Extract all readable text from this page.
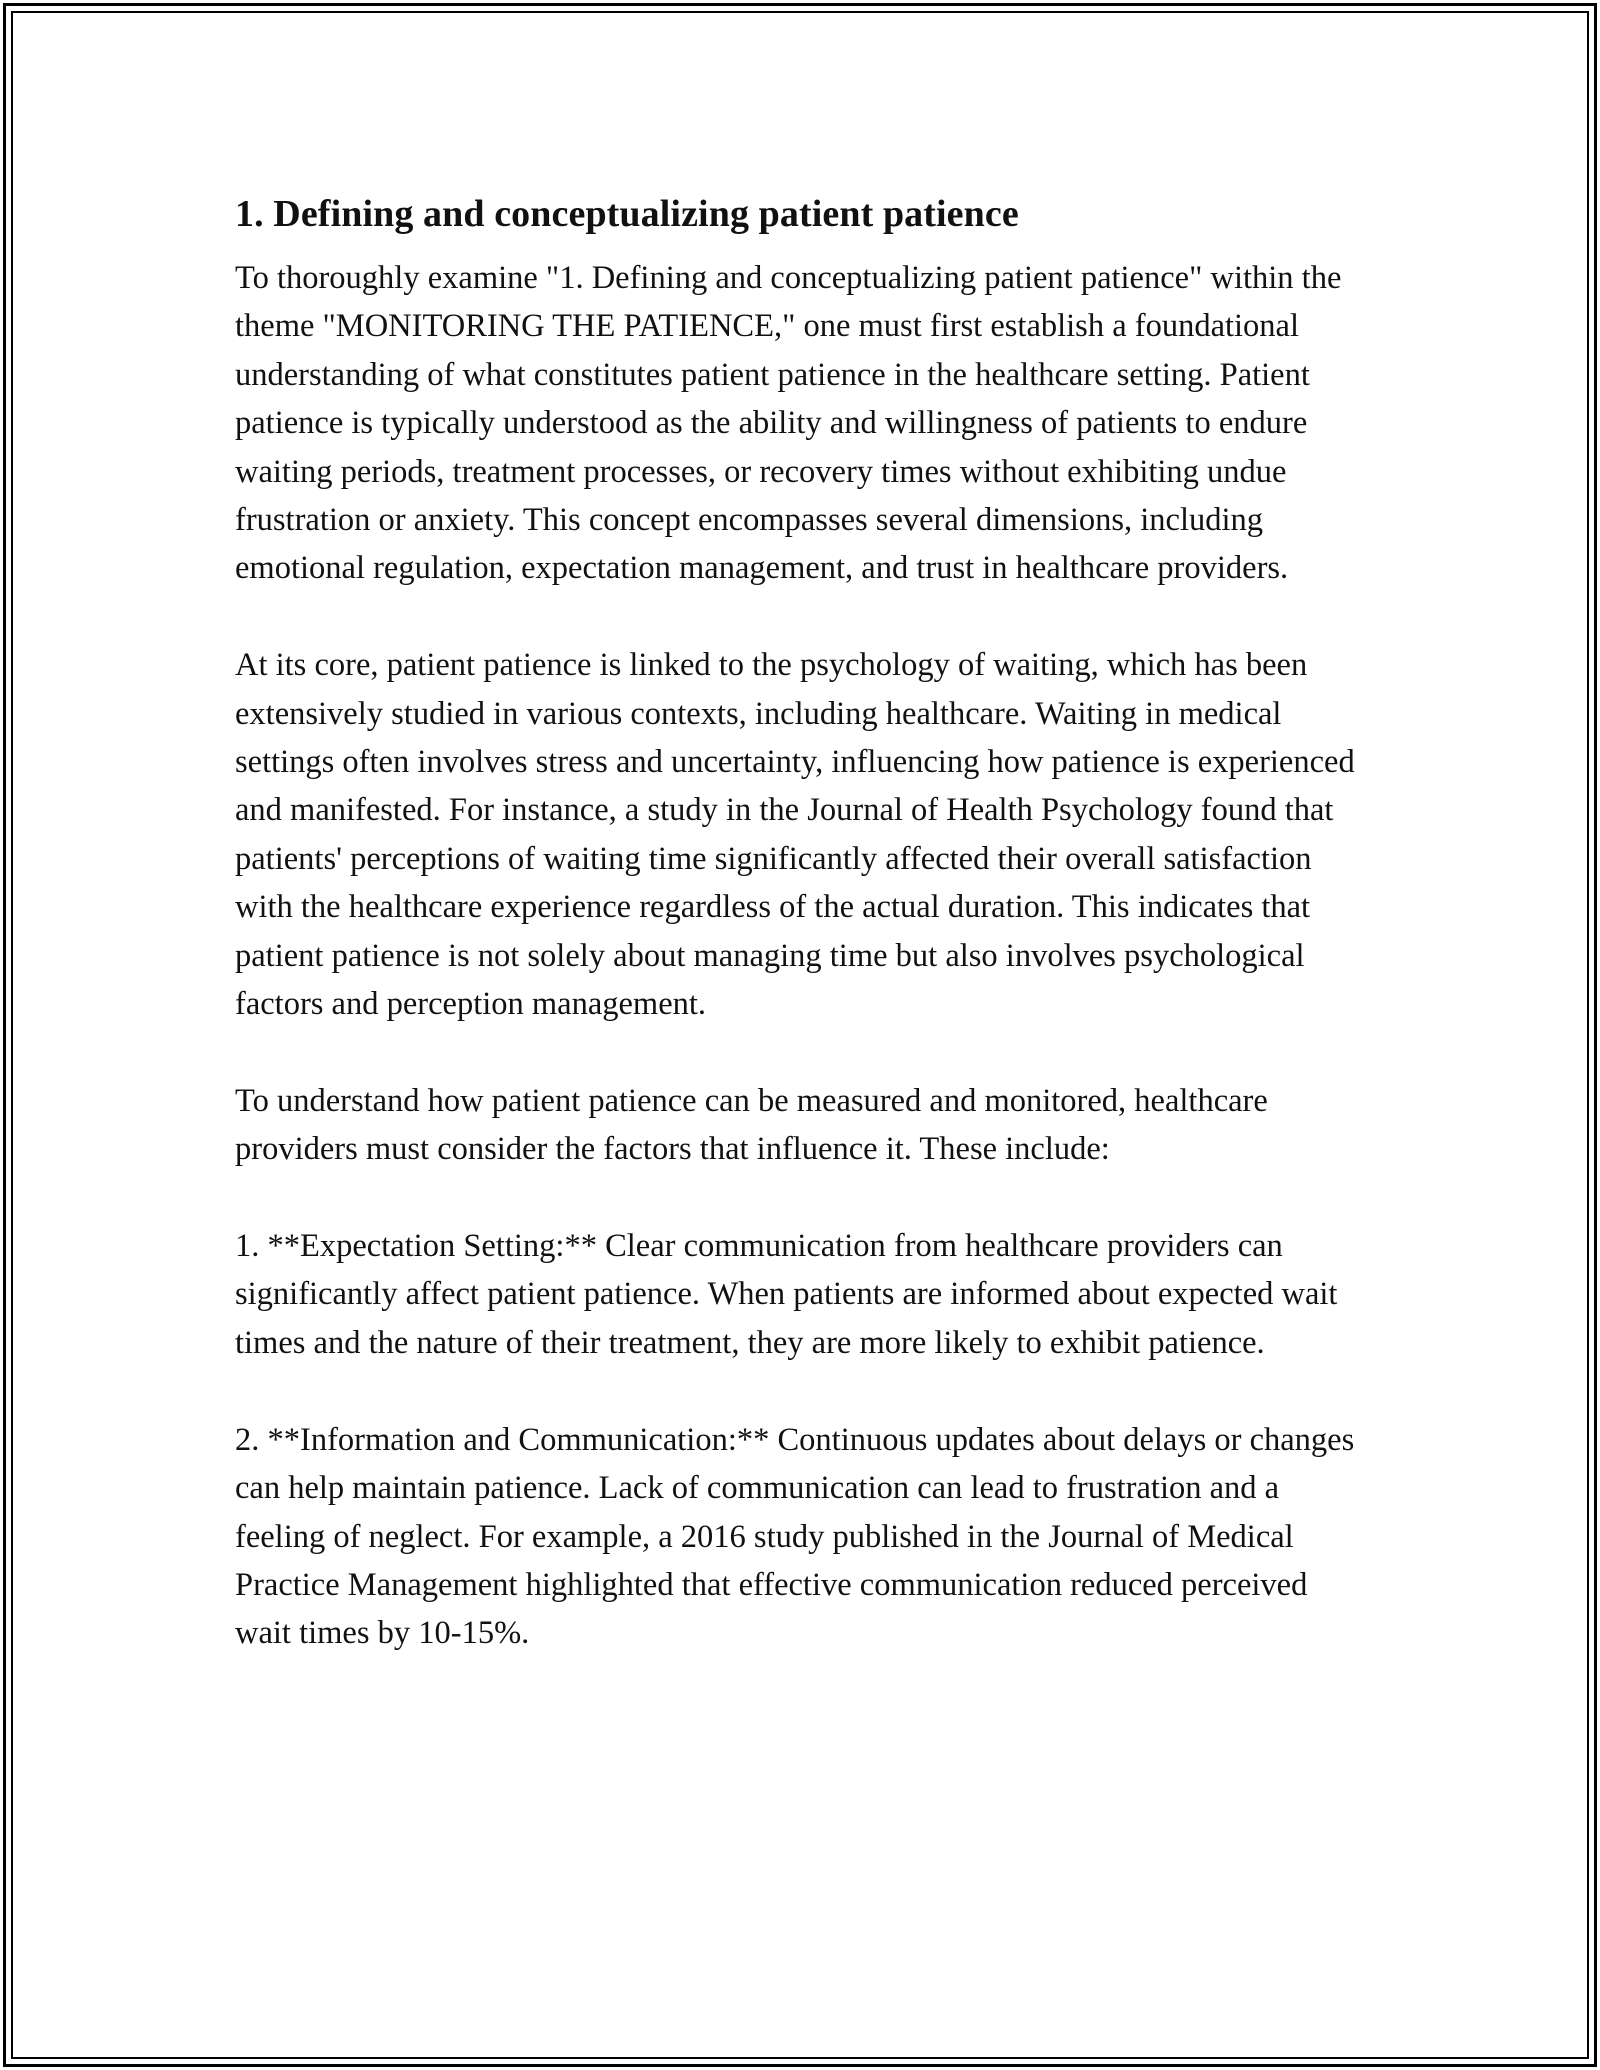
1. Defining and conceptualizing patient patience

To thoroughly examine "1. Defining and conceptualizing patient patience" within the theme "MONITORING THE PATIENCE," one must first establish a foundational understanding of what constitutes patient patience in the healthcare setting. Patient patience is typically understood as the ability and willingness of patients to endure waiting periods, treatment processes, or recovery times without exhibiting undue frustration or anxiety. This concept encompasses several dimensions, including emotional regulation, expectation management, and trust in healthcare providers.

At its core, patient patience is linked to the psychology of waiting, which has been extensively studied in various contexts, including healthcare. Waiting in medical settings often involves stress and uncertainty, influencing how patience is experienced and manifested. For instance, a study in the Journal of Health Psychology found that patients' perceptions of waiting time significantly affected their overall satisfaction with the healthcare experience regardless of the actual duration. This indicates that patient patience is not solely about managing time but also involves psychological factors and perception management.

To understand how patient patience can be measured and monitored, healthcare providers must consider the factors that influence it. These include:

1. **Expectation Setting:** Clear communication from healthcare providers can significantly affect patient patience. When patients are informed about expected wait times and the nature of their treatment, they are more likely to exhibit patience.

2. **Information and Communication:** Continuous updates about delays or changes can help maintain patience. Lack of communication can lead to frustration and a feeling of neglect. For example, a 2016 study published in the Journal of Medical Practice Management highlighted that effective communication reduced perceived wait times by 10-15%.
